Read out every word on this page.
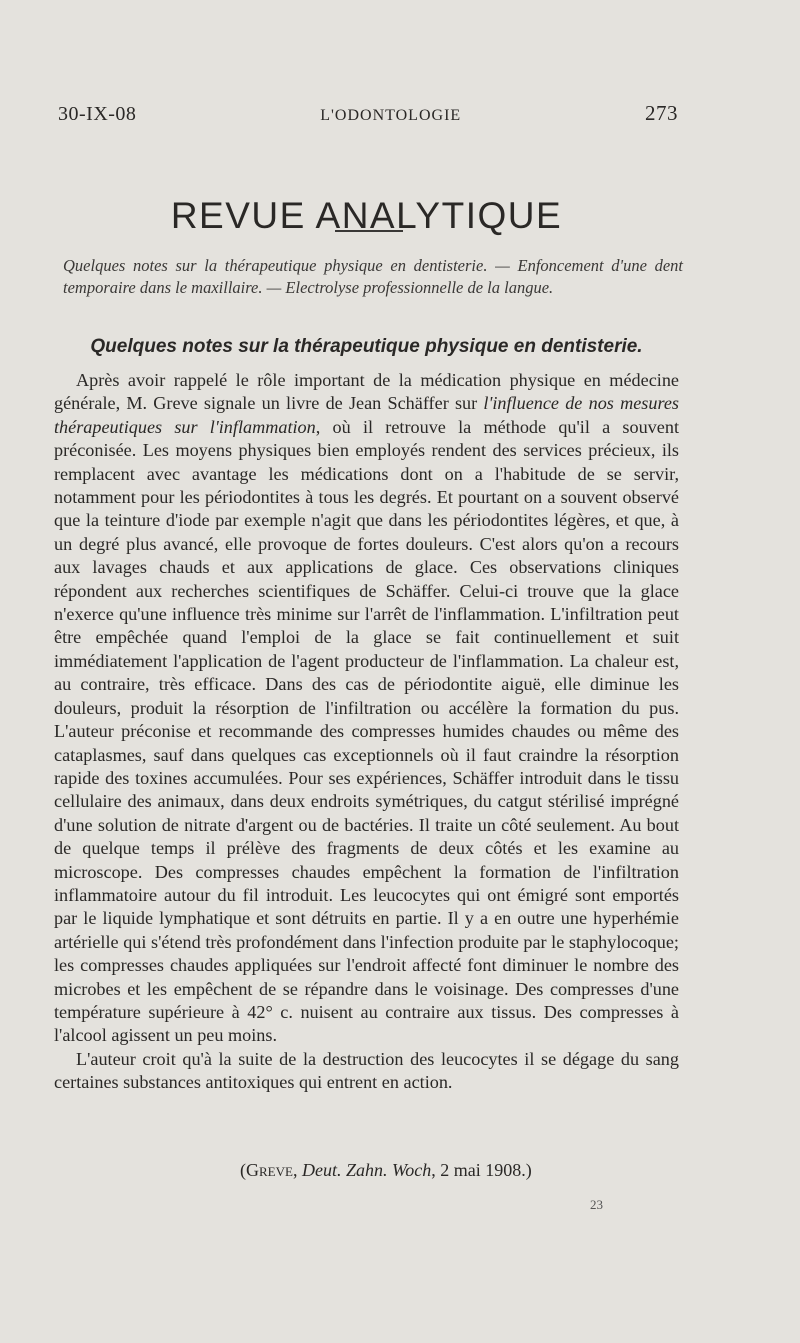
30-IX-08	L'ODONTOLOGIE	273
REVUE ANALYTIQUE
Quelques notes sur la thérapeutique physique en dentisterie. — Enfoncement d'une dent temporaire dans le maxillaire. — Electrolyse professionnelle de la langue.
Quelques notes sur la thérapeutique physique en dentisterie.

Après avoir rappelé le rôle important de la médication physique en médecine générale, M. Greve signale un livre de Jean Schäffer sur l'influence de nos mesures thérapeutiques sur l'inflammation, où il retrouve la méthode qu'il a souvent préconisée. Les moyens physiques bien employés rendent des services précieux, ils remplacent avec avantage les médications dont on a l'habitude de se servir, notamment pour les périodontites à tous les degrés. Et pourtant on a souvent observé que la teinture d'iode par exemple n'agit que dans les périodontites légères, et que, à un degré plus avancé, elle provoque de fortes douleurs. C'est alors qu'on a recours aux lavages chauds et aux applications de glace. Ces observations cliniques répondent aux recherches scientifiques de Schäffer. Celui-ci trouve que la glace n'exerce qu'une influence très minime sur l'arrêt de l'inflammation. L'infiltration peut être empêchée quand l'emploi de la glace se fait continuellement et suit immédiatement l'application de l'agent producteur de l'inflammation. La chaleur est, au contraire, très efficace. Dans des cas de périodontite aiguë, elle diminue les douleurs, produit la résorption de l'infiltration ou accélère la formation du pus. L'auteur préconise et recommande des compresses humides chaudes ou même des cataplasmes, sauf dans quelques cas exceptionnels où il faut craindre la résorption rapide des toxines accumulées. Pour ses expériences, Schäffer introduit dans le tissu cellulaire des animaux, dans deux endroits symétriques, du catgut stérilisé imprégné d'une solution de nitrate d'argent ou de bactéries. Il traite un côté seulement. Au bout de quelque temps il prélève des fragments de deux côtés et les examine au microscope. Des compresses chaudes empêchent la formation de l'infiltration inflammatoire autour du fil introduit. Les leucocytes qui ont émigré sont emportés par le liquide lymphatique et sont détruits en partie. Il y a en outre une hyperhémie artérielle qui s'étend très profondément dans l'infection produite par le staphylocoque; les compresses chaudes appliquées sur l'endroit affecté font diminuer le nombre des microbes et les empêchent de se répandre dans le voisinage. Des compresses d'une température supérieure à 42° c. nuisent au contraire aux tissus. Des compresses à l'alcool agissent un peu moins.

L'auteur croit qu'à la suite de la destruction des leucocytes il se dégage du sang certaines substances antitoxiques qui entrent en action.

(Greve, Deut. Zahn. Woch, 2 mai 1908.)
23
